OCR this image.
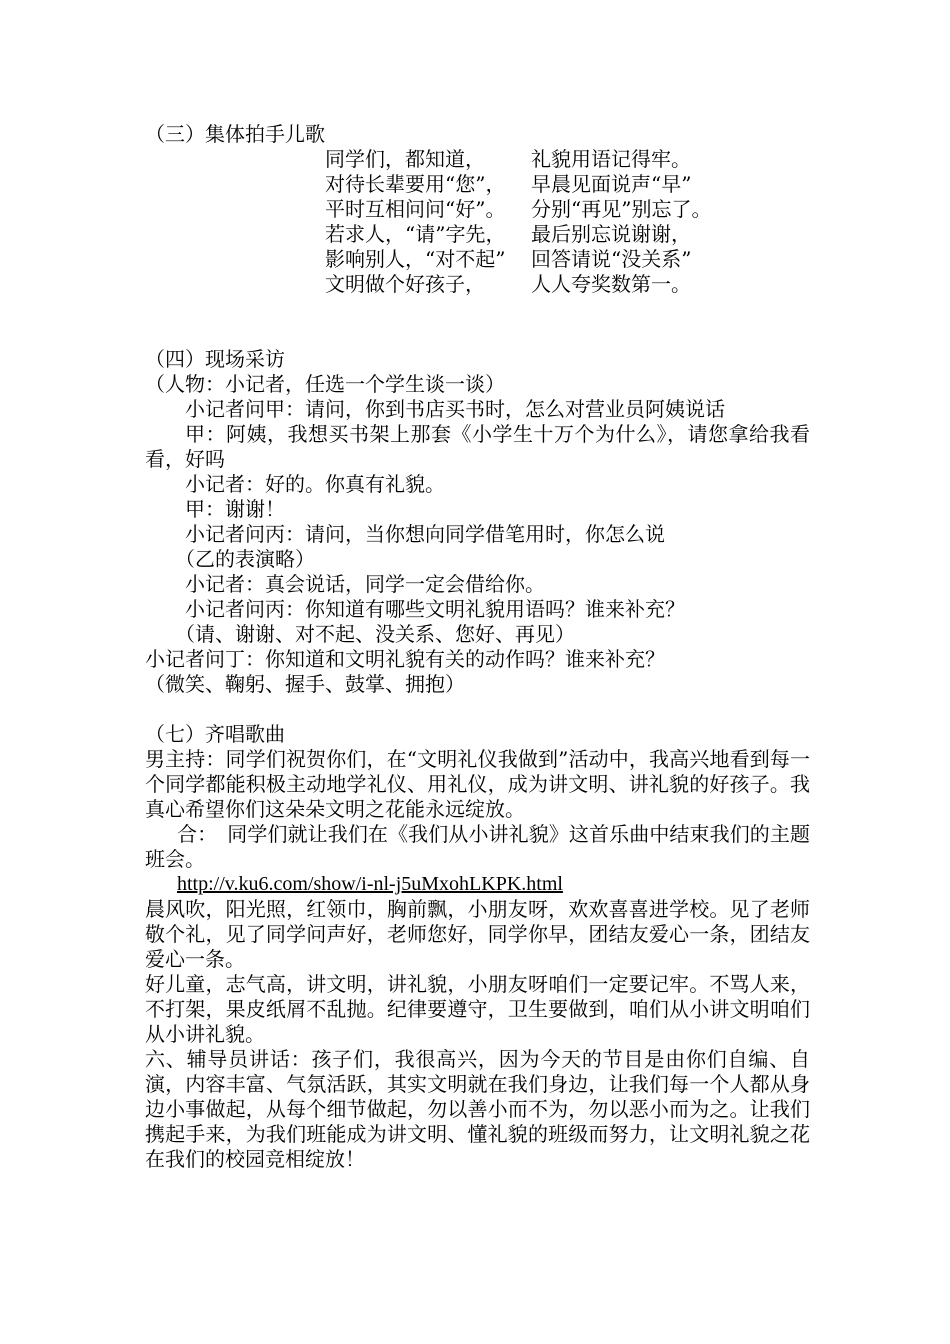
（三）集体拍手儿歌
同学们，都知道， 礼貌用语记得牢。
对待长辈要用“您”， 早晨见面说声“早”
平时互相问问“好”。 分别“再见”别忘了。
若求人，“请”字先， 最后别忘说谢谢，
影响别人，“对不起” 回答请说“没关系”
文明做个好孩子， 人人夸奖数第一。
（四）现场采访
（人物：小记者，任选一个学生谈一谈）
小记者问甲：请问，你到书店买书时，怎么对营业员阿姨说话
甲：阿姨，我想买书架上那套《小学生十万个为什么》，请您拿给我看看，好吗
小记者：好的。你真有礼貌。
甲：谢谢！
小记者问丙：请问，当你想向同学借笔用时，你怎么说
（乙的表演略）
小记者：真会说话，同学一定会借给你。
小记者问丙：你知道有哪些文明礼貌用语吗？谁来补充？
（请、谢谢、对不起、没关系、您好、再见）
小记者问丁：你知道和文明礼貌有关的动作吗？谁来补充？
（微笑、鞠躬、握手、鼓掌、拥抱）
（七）齐唱歌曲
男主持：同学们祝贺你们，在“文明礼仪我做到”活动中，我高兴地看到每一个同学都能积极主动地学礼仪、用礼仪，成为讲文明、讲礼貌的好孩子。我真心希望你们这朵朵文明之花能永远绽放。
合：　同学们就让我们在《我们从小讲礼貌》这首乐曲中结束我们的主题班会。
http://v.ku6.com/show/i-nl-j5uMxohLKPK.html
晨风吹，阳光照，红领巾，胸前飘，小朋友呀，欢欢喜喜进学校。见了老师敬个礼，见了同学问声好，老师您好，同学你早，团结友爱心一条，团结友爱心一条。
好儿童，志气高，讲文明，讲礼貌，小朋友呀咱们一定要记牢。不骂人来，不打架，果皮纸屑不乱抛。纪律要遵守，卫生要做到，咱们从小讲文明咱们从小讲礼貌。
六、辅导员讲话：孩子们，我很高兴，因为今天的节目是由你们自编、自演，内容丰富、气氛活跃，其实文明就在我们身边，让我们每一个人都从身边小事做起，从每个细节做起，勿以善小而不为，勿以恶小而为之。让我们携起手来，为我们班能成为讲文明、懂礼貌的班级而努力，让文明礼貌之花在我们的校园竞相绽放！
